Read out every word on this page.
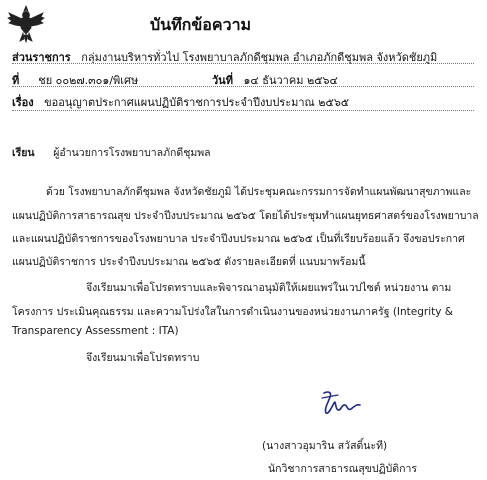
บันทึกข้อความ
ส่วนราชการ กลุ่มงานบริหารทั่วไป โรงพยาบาลภักดีชุมพล อำเภอภักดีชุมพล จังหวัดชัยภูมิ
ที่ ชย ๐๐๒๗.๓๐๑/พิเศษ	วันที่ ๑๔ ธันวาคม ๒๕๖๔
เรื่อง ขออนุญาตประกาศแผนปฏิบัติราชการประจำปีงบประมาณ ๒๕๖๕
เรียน ผู้อำนวยการโรงพยาบาลภักดีชุมพล
ด้วย โรงพยาบาลภักดีชุมพล จังหวัดชัยภูมิ ได้ประชุมคณะกรรมการจัดทำแผนพัฒนาสุขภาพและ
แผนปฏิบัติการสาธารณสุข ประจำปีงบประมาณ ๒๕๖๕ โดยได้ประชุมทำแผนยุทธศาสตร์ของโรงพยาบาล
และแผนปฏิบัติราชการของโรงพยาบาล ประจำปีงบประมาณ ๒๕๖๕ เป็นที่เรียบร้อยแล้ว จึงขอประกาศ
แผนปฏิบัติราชการ ประจำปีงบประมาณ ๒๕๖๕ ดังรายละเอียดที่ แนบมาพร้อมนี้
จึงเรียนมาเพื่อโปรดทราบและพิจารณาอนุมัติให้เผยแพร่ในเวปไซต์ หน่วยงาน ตาม
โครงการ ประเมินคุณธรรม และความโปร่งใสในการดำเนินงานของหน่วยงานภาครัฐ (Integrity &
Transparency Assessment : ITA)
จึงเรียนมาเพื่อโปรดทราบ
(นางสาวอุมาริน สวัสดิ์นะที)
นักวิชาการสาธารณสุขปฏิบัติการ
